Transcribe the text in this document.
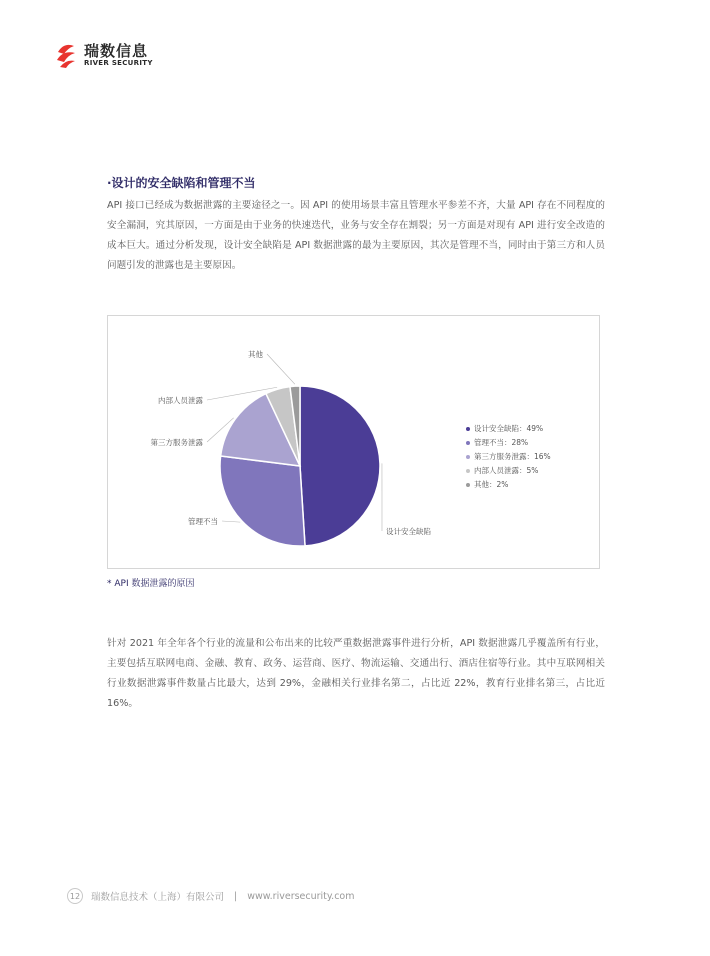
瑞数信息
RIVER SECURITY
·设计的安全缺陷和管理不当

API 接口已经成为数据泄露的主要途径之一。因 API 的使用场景丰富且管理水平参差不齐，大量 API 存在不同程度的安全漏洞，究其原因，一方面是由于业务的快速迭代，业务与安全存在割裂；另一方面是对现有 API 进行安全改造的成本巨大。通过分析发现，设计安全缺陷是 API 数据泄露的最为主要原因，其次是管理不当，同时由于第三方和人员问题引发的泄露也是主要原因。

设计安全缺陷
管理不当
第三方服务泄露
内部人员泄露
其他
设计安全缺陷：49%
管理不当：28%
第三方服务泄露：16%
内部人员泄露：5%
其他：2%
* API 数据泄露的原因

针对 2021 年全年各个行业的流量和公布出来的比较严重数据泄露事件进行分析，API 数据泄露几乎覆盖所有行业，主要包括互联网电商、金融、教育、政务、运营商、医疗、物流运输、交通出行、酒店住宿等行业。其中互联网相关行业数据泄露事件数量占比最大，达到 29%，金融相关行业排名第二，占比近 22%，教育行业排名第三，占比近 16%。

12	瑞数信息技术（上海）有限公司 | www.riversecurity.com
